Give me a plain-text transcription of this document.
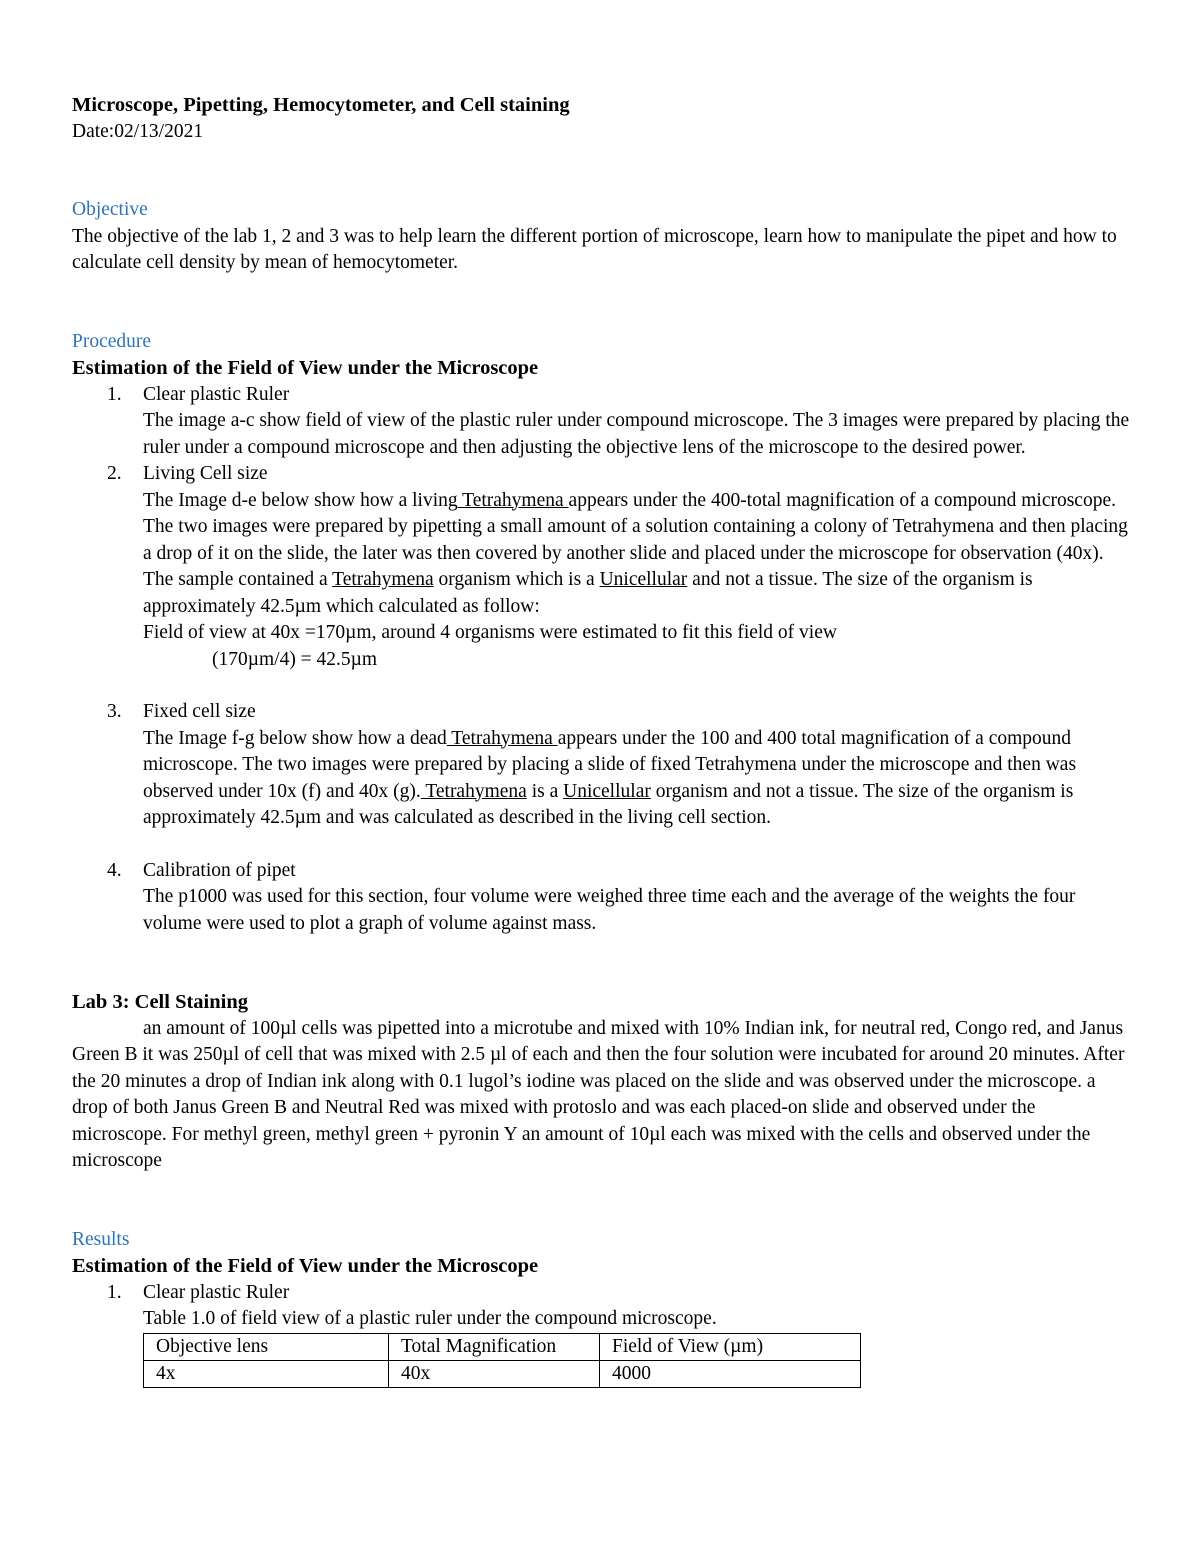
Microscope, Pipetting, Hemocytometer, and Cell staining
Date:02/13/2021
Objective
The objective of the lab 1, 2 and 3 was to help learn the different portion of microscope, learn how to manipulate the pipet and how to calculate cell density by mean of hemocytometer.
Procedure
Estimation of the Field of View under the Microscope
1. Clear plastic Ruler
The image a-c show field of view of the plastic ruler under compound microscope. The 3 images were prepared by placing the ruler under a compound microscope and then adjusting the objective lens of the microscope to the desired power.
2. Living Cell size
The Image d-e below show how a living Tetrahymena appears under the 400-total magnification of a compound microscope. The two images were prepared by pipetting a small amount of a solution containing a colony of Tetrahymena and then placing a drop of it on the slide, the later was then covered by another slide and placed under the microscope for observation (40x). The sample contained a Tetrahymena organism which is a Unicellular and not a tissue. The size of the organism is approximately 42.5µm which calculated as follow:
Field of view at 40x =170µm, around 4 organisms were estimated to fit this field of view
(170µm/4) = 42.5µm
3. Fixed cell size
The Image f-g below show how a dead Tetrahymena appears under the 100 and 400 total magnification of a compound microscope. The two images were prepared by placing a slide of fixed Tetrahymena under the microscope and then was observed under 10x (f) and 40x (g). Tetrahymena is a Unicellular organism and not a tissue. The size of the organism is approximately 42.5µm and was calculated as described in the living cell section.
4. Calibration of pipet
The p1000 was used for this section, four volume were weighed three time each and the average of the weights the four volume were used to plot a graph of volume against mass.
Lab 3: Cell Staining
an amount of 100µl cells was pipetted into a microtube and mixed with 10% Indian ink, for neutral red, Congo red, and Janus Green B it was 250µl of cell that was mixed with 2.5 µl of each and then the four solution were incubated for around 20 minutes. After the 20 minutes a drop of Indian ink along with 0.1 lugol’s iodine was placed on the slide and was observed under the microscope. a drop of both Janus Green B and Neutral Red was mixed with protoslo and was each placed-on slide and observed under the microscope. For methyl green, methyl green + pyronin Y an amount of 10µl each was mixed with the cells and observed under the microscope
Results
Estimation of the Field of View under the Microscope
1. Clear plastic Ruler
Table 1.0 of field view of a plastic ruler under the compound microscope.
Objective lens	Total Magnification	Field of View (µm)
4x	40x	4000
